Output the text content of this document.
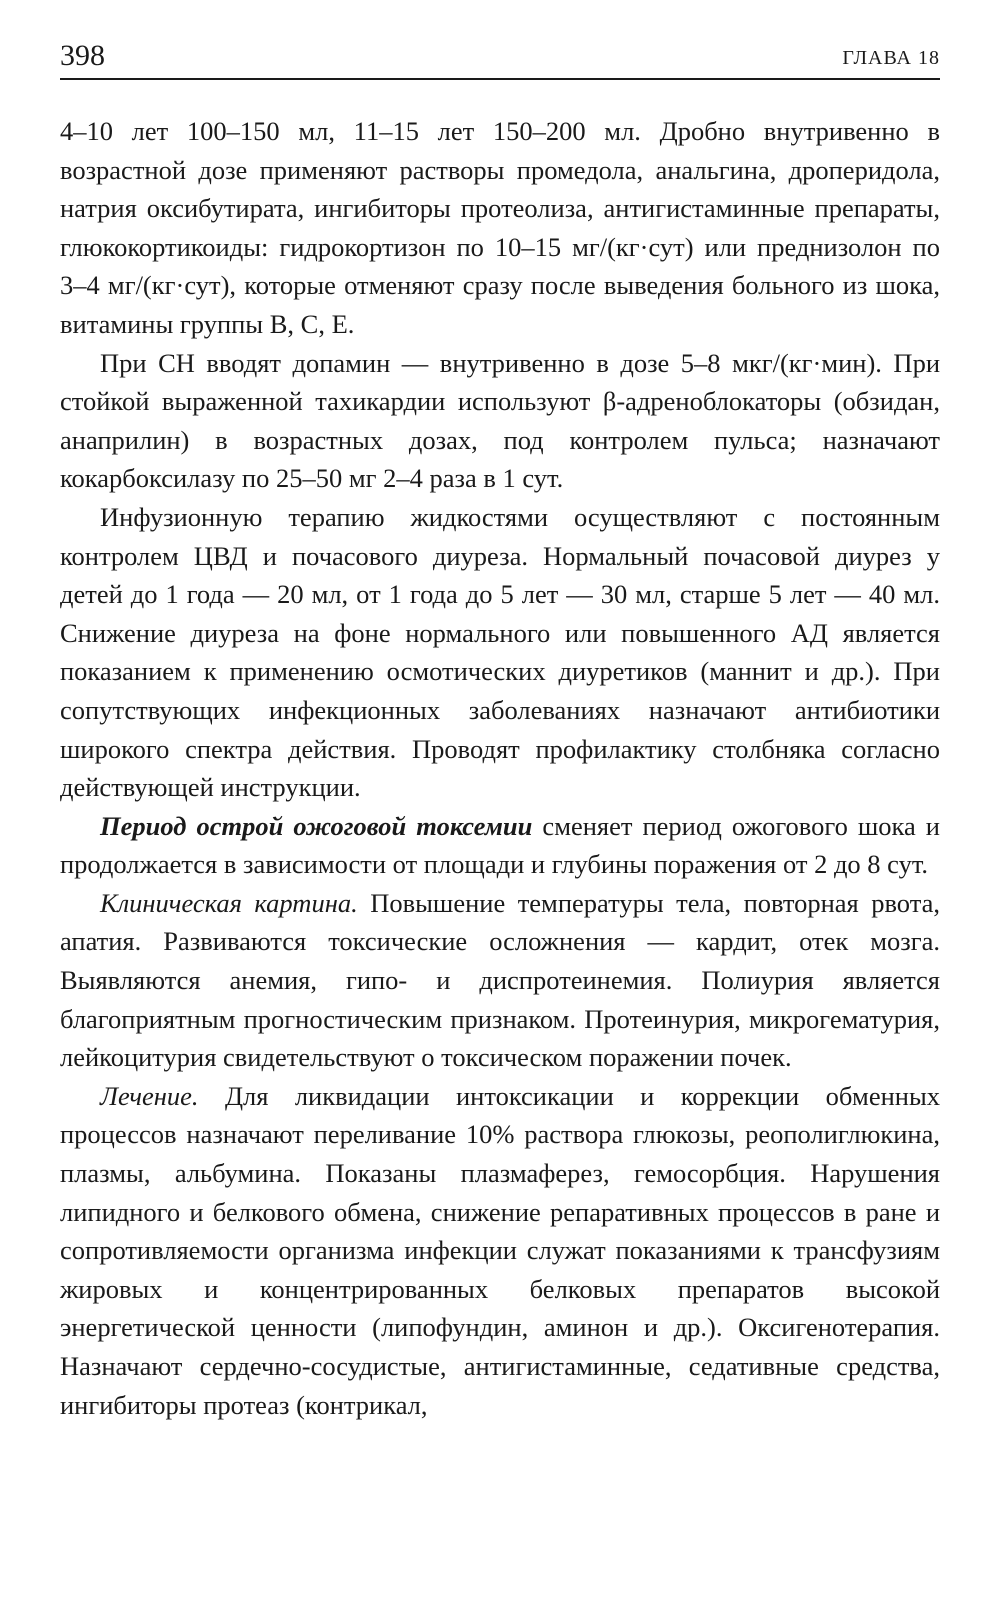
398	ГЛАВА 18

4–10 лет 100–150 мл, 11–15 лет 150–200 мл. Дробно внутривенно в возрастной дозе применяют растворы промедола, анальгина, дроперидола, натрия оксибутирата, ингибиторы протеолиза, антигистаминные препараты, глюкокортикоиды: гидрокортизон по 10–15 мг/(кг·сут) или преднизолон по 3–4 мг/(кг·сут), которые отменяют сразу после выведения больного из шока, витамины группы В, С, Е.

При СН вводят допамин — внутривенно в дозе 5–8 мкг/(кг·мин). При стойкой выраженной тахикардии используют β-адреноблокаторы (обзидан, анаприлин) в возрастных дозах, под контролем пульса; назначают кокарбоксилазу по 25–50 мг 2–4 раза в 1 сут.

Инфузионную терапию жидкостями осуществляют с постоянным контролем ЦВД и почасового диуреза. Нормальный почасовой диурез у детей до 1 года — 20 мл, от 1 года до 5 лет — 30 мл, старше 5 лет — 40 мл. Снижение диуреза на фоне нормального или повышенного АД является показанием к применению осмотических диуретиков (маннит и др.). При сопутствующих инфекционных заболеваниях назначают антибиотики широкого спектра действия. Проводят профилактику столбняка согласно действующей инструкции.

Период острой ожоговой токсемии сменяет период ожогового шока и продолжается в зависимости от площади и глубины поражения от 2 до 8 сут.

Клиническая картина. Повышение температуры тела, повторная рвота, апатия. Развиваются токсические осложнения — кардит, отек мозга. Выявляются анемия, гипо- и диспротеинемия. Полиурия является благоприятным прогностическим признаком. Протеинурия, микрогематурия, лейкоцитурия свидетельствуют о токсическом поражении почек.

Лечение. Для ликвидации интоксикации и коррекции обменных процессов назначают переливание 10% раствора глюкозы, реополиглюкина, плазмы, альбумина. Показаны плазмаферез, гемосорбция. Нарушения липидного и белкового обмена, снижение репаративных процессов в ране и сопротивляемости организма инфекции служат показаниями к трансфузиям жировых и концентрированных белковых препаратов высокой энергетической ценности (липофундин, аминон и др.). Оксигенотерапия. Назначают сердечно-сосудистые, антигистаминные, седативные средства, ингибиторы протеаз (контрикал,
